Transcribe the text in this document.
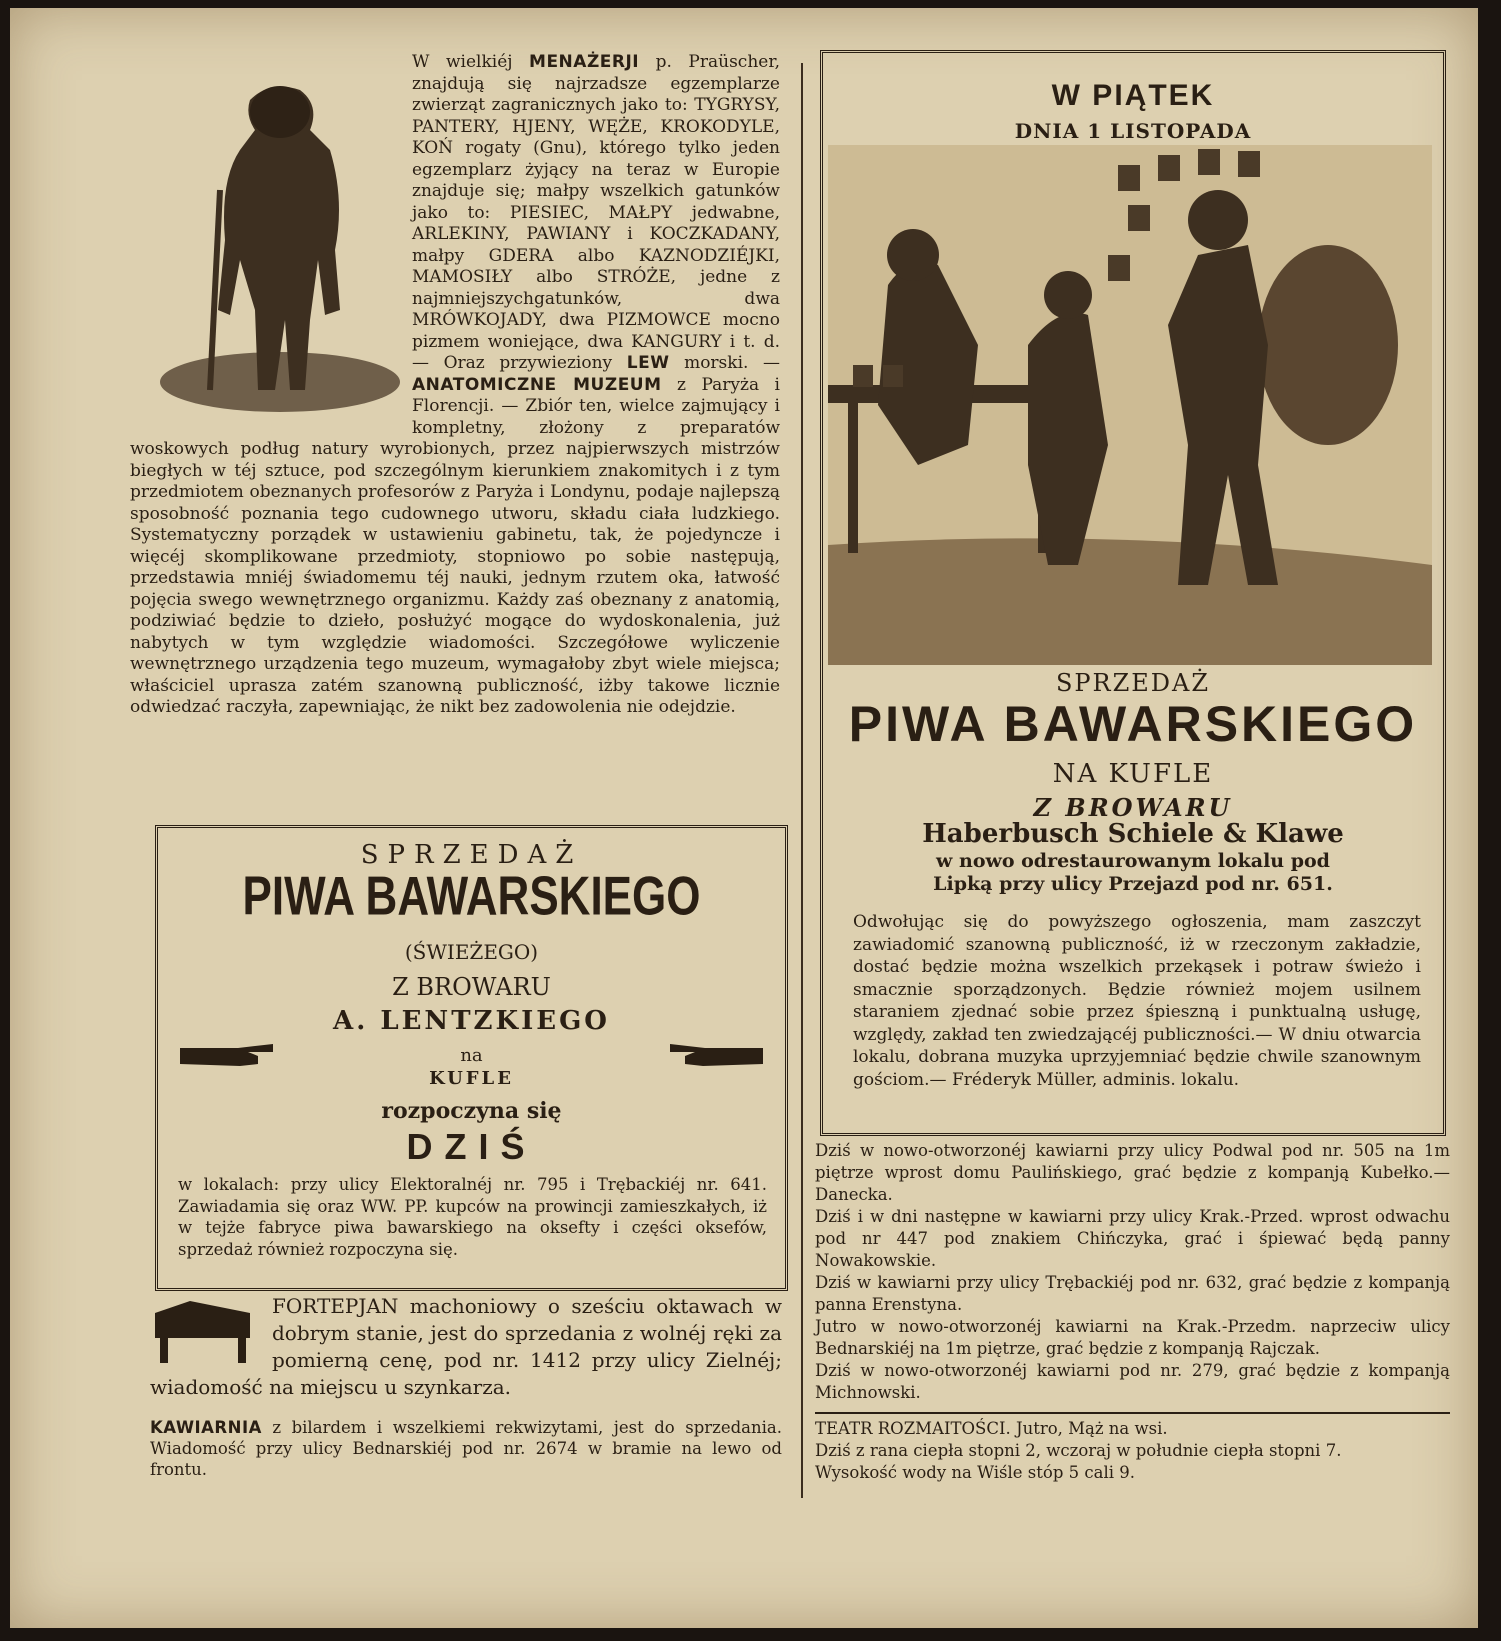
W wielkiéj MENAŻERJI p. Praüscher, znajdują się najrzadsze egzemplarze zwierząt zagranicznych jako to: TYGRYSY, PANTERY, HJENY, WĘŻE, KROKODYLE, KOŃ rogaty (Gnu), którego tylko jeden egzemplarz żyjący na teraz w Europie znajduje się; małpy wszelkich gatunków jako to: PIESIEC, MAŁPY jedwabne, ARLEKINY, PAWIANY i KOCZKADANY, małpy GDERA albo KAZNODZIÉJKI, MAMOSIŁY albo STRÓŻE, jedne z najmniejszychgatunków, dwa MRÓWKOJADY, dwa PIZMOWCE mocno pizmem woniejące, dwa KANGURY i t. d.— Oraz przywieziony LEW morski. — ANATOMICZNE MUZEUM z Paryża i Florencji. — Zbiór ten, wielce zajmujący i kompletny, złożony z preparatów woskowych podług natury wyrobionych, przez najpierwszych mistrzów biegłych w téj sztuce, pod szczególnym kierunkiem znakomitych i z tym przedmiotem obeznanych profesorów z Paryża i Londynu, podaje najlepszą sposobność poznania tego cudownego utworu, składu ciała ludzkiego. Systematyczny porządek w ustawieniu gabinetu, tak, że pojedyncze i więcéj skomplikowane przedmioty, stopniowo po sobie następują, przedstawia mniéj świadomemu téj nauki, jednym rzutem oka, łatwość pojęcia swego wewnętrznego organizmu. Każdy zaś obeznany z anatomią, podziwiać będzie to dzieło, posłużyć mogące do wydoskonalenia, już nabytych w tym względzie wiadomości. Szczegółowe wyliczenie wewnętrznego urządzenia tego muzeum, wymagałoby zbyt wiele miejsca; właściciel uprasza zatém szanowną publiczność, iżby takowe licznie odwiedzać raczyła, zapewniając, że nikt bez zadowolenia nie odejdzie.

SPRZEDAŻ
PIWA BAWARSKIEGO
(ŚWIEŻEGO)
Z BROWARU
A. LENTZKIEGO
na
KUFLE
rozpoczyna się
DZIŚ

w lokalach: przy ulicy Elektoralnéj nr. 795 i Trębackiéj nr. 641. Zawiadamia się oraz WW. PP. kupców na prowincji zamieszkałych, iż w tejże fabryce piwa bawarskiego na oksefty i części oksefów, sprzedaż również rozpoczyna się.

FORTEPJAN machoniowy o sześciu oktawach w dobrym stanie, jest do sprzedania z wolnéj ręki za pomierną cenę, pod nr. 1412 przy ulicy Zielnéj; wiadomość na miejscu u szynkarza.

KAWIARNIA z bilardem i wszelkiemi rekwizytami, jest do sprzedania. Wiadomość przy ulicy Bednarskiéj pod nr. 2674 w bramie na lewo od frontu.
W PIĄTEK
DNIA 1 LISTOPADA
SPRZEDAŻ
PIWA BAWARSKIEGO
NA KUFLE
Z BROWARU
Haberbusch Schiele & Klawe
w nowo odrestaurowanym lokalu pod
Lipką przy ulicy Przejazd pod nr. 651.

Odwołując się do powyższego ogłoszenia, mam zaszczyt zawiadomić szanowną publiczność, iż w rzeczonym zakładzie, dostać będzie można wszelkich przekąsek i potraw świeżo i smacznie sporządzonych. Będzie również mojem usilnem staraniem zjednać sobie przez śpieszną i punktualną usługę, względy, zakład ten zwiedzającéj publiczności.— W dniu otwarcia lokalu, dobrana muzyka uprzyjemniać będzie chwile szanownym gościom.— Fréderyk Müller, adminis. lokalu.

Dziś w nowo-otworzonéj kawiarni przy ulicy Podwal pod nr. 505 na 1m piętrze wprost domu Paulińskiego, grać będzie z kompanją Kubełko.— Danecka.

Dziś i w dni następne w kawiarni przy ulicy Krak.-Przed. wprost odwachu pod nr 447 pod znakiem Chińczyka, grać i śpiewać będą panny Nowakowskie.

Dziś w kawiarni przy ulicy Trębackiéj pod nr. 632, grać będzie z kompanją panna Erenstyna.

Jutro w nowo-otworzonéj kawiarni na Krak.-Przedm. naprzeciw ulicy Bednarskiéj na 1m piętrze, grać będzie z kompanją Rajczak.

Dziś w nowo-otworzonéj kawiarni pod nr. 279, grać będzie z kompanją Michnowski.

TEATR ROZMAITOŚCI. Jutro, Mąż na wsi.

Dziś z rana ciepła stopni 2, wczoraj w południe ciepła stopni 7.

Wysokość wody na Wiśle stóp 5 cali 9.
